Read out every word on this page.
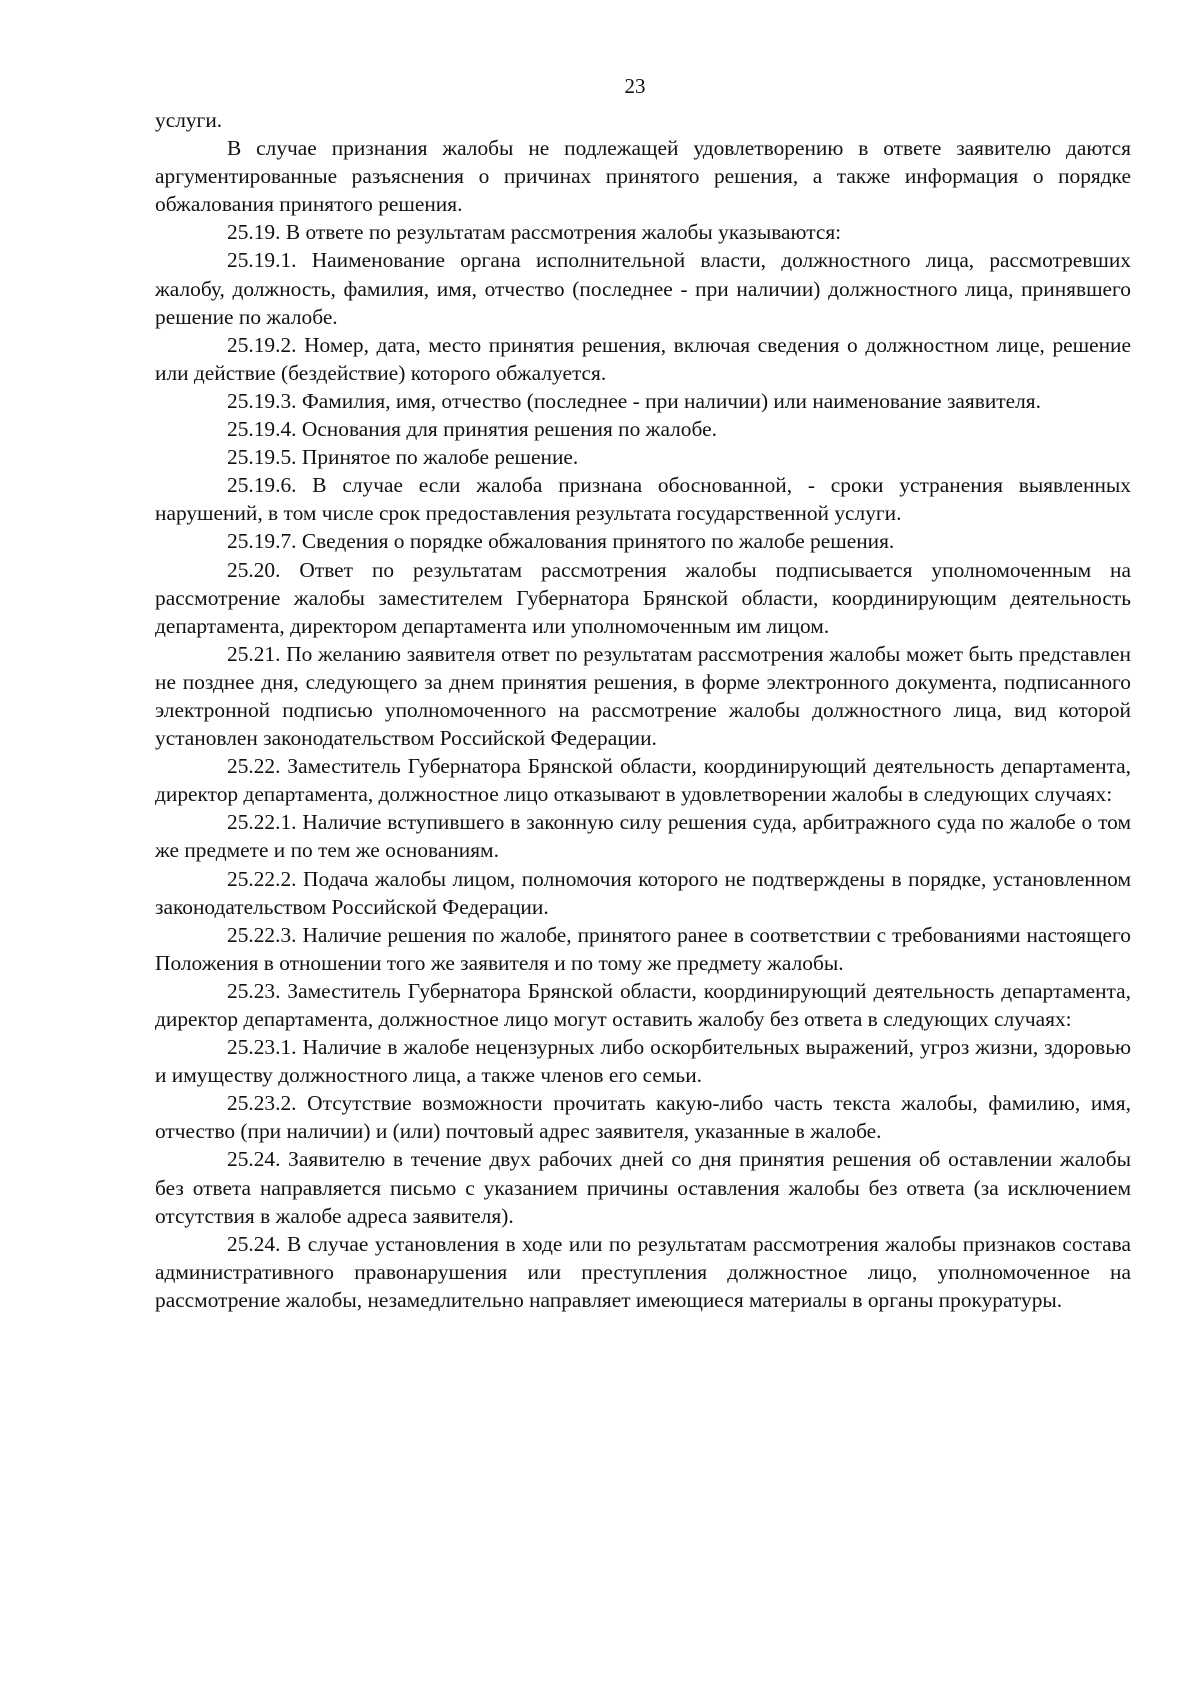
23

услуги.

В случае признания жалобы не подлежащей удовлетворению в ответе заявителю даются аргументированные разъяснения о причинах принятого решения, а также информация о порядке обжалования принятого решения.

25.19. В ответе по результатам рассмотрения жалобы указываются:

25.19.1. Наименование органа исполнительной власти, должностного лица, рассмотревших жалобу, должность, фамилия, имя, отчество (последнее - при наличии) должностного лица, принявшего решение по жалобе.

25.19.2. Номер, дата, место принятия решения, включая сведения о должностном лице, решение или действие (бездействие) которого обжалуется.

25.19.3. Фамилия, имя, отчество (последнее - при наличии) или наименование заявителя.

25.19.4. Основания для принятия решения по жалобе.

25.19.5. Принятое по жалобе решение.

25.19.6. В случае если жалоба признана обоснованной, - сроки устранения выявленных нарушений, в том числе срок предоставления результата государственной услуги.

25.19.7. Сведения о порядке обжалования принятого по жалобе решения.

25.20. Ответ по результатам рассмотрения жалобы подписывается уполномоченным на рассмотрение жалобы заместителем Губернатора Брянской области, координирующим деятельность департамента, директором департамента или уполномоченным им лицом.

25.21. По желанию заявителя ответ по результатам рассмотрения жалобы может быть представлен не позднее дня, следующего за днем принятия решения, в форме электронного документа, подписанного электронной подписью уполномоченного на рассмотрение жалобы должностного лица, вид которой установлен законодательством Российской Федерации.

25.22. Заместитель Губернатора Брянской области, координирующий деятельность департамента, директор департамента, должностное лицо отказывают в удовлетворении жалобы в следующих случаях:

25.22.1. Наличие вступившего в законную силу решения суда, арбитражного суда по жалобе о том же предмете и по тем же основаниям.

25.22.2. Подача жалобы лицом, полномочия которого не подтверждены в порядке, установленном законодательством Российской Федерации.

25.22.3. Наличие решения по жалобе, принятого ранее в соответствии с требованиями настоящего Положения в отношении того же заявителя и по тому же предмету жалобы.

25.23. Заместитель Губернатора Брянской области, координирующий деятельность департамента, директор департамента, должностное лицо могут оставить жалобу без ответа в следующих случаях:

25.23.1. Наличие в жалобе нецензурных либо оскорбительных выражений, угроз жизни, здоровью и имуществу должностного лица, а также членов его семьи.

25.23.2. Отсутствие возможности прочитать какую-либо часть текста жалобы, фамилию, имя, отчество (при наличии) и (или) почтовый адрес заявителя, указанные в жалобе.

25.24. Заявителю в течение двух рабочих дней со дня принятия решения об оставлении жалобы без ответа направляется письмо с указанием причины оставления жалобы без ответа (за исключением отсутствия в жалобе адреса заявителя).

25.24. В случае установления в ходе или по результатам рассмотрения жалобы признаков состава административного правонарушения или преступления должностное лицо, уполномоченное на рассмотрение жалобы, незамедлительно направляет имеющиеся материалы в органы прокуратуры.
